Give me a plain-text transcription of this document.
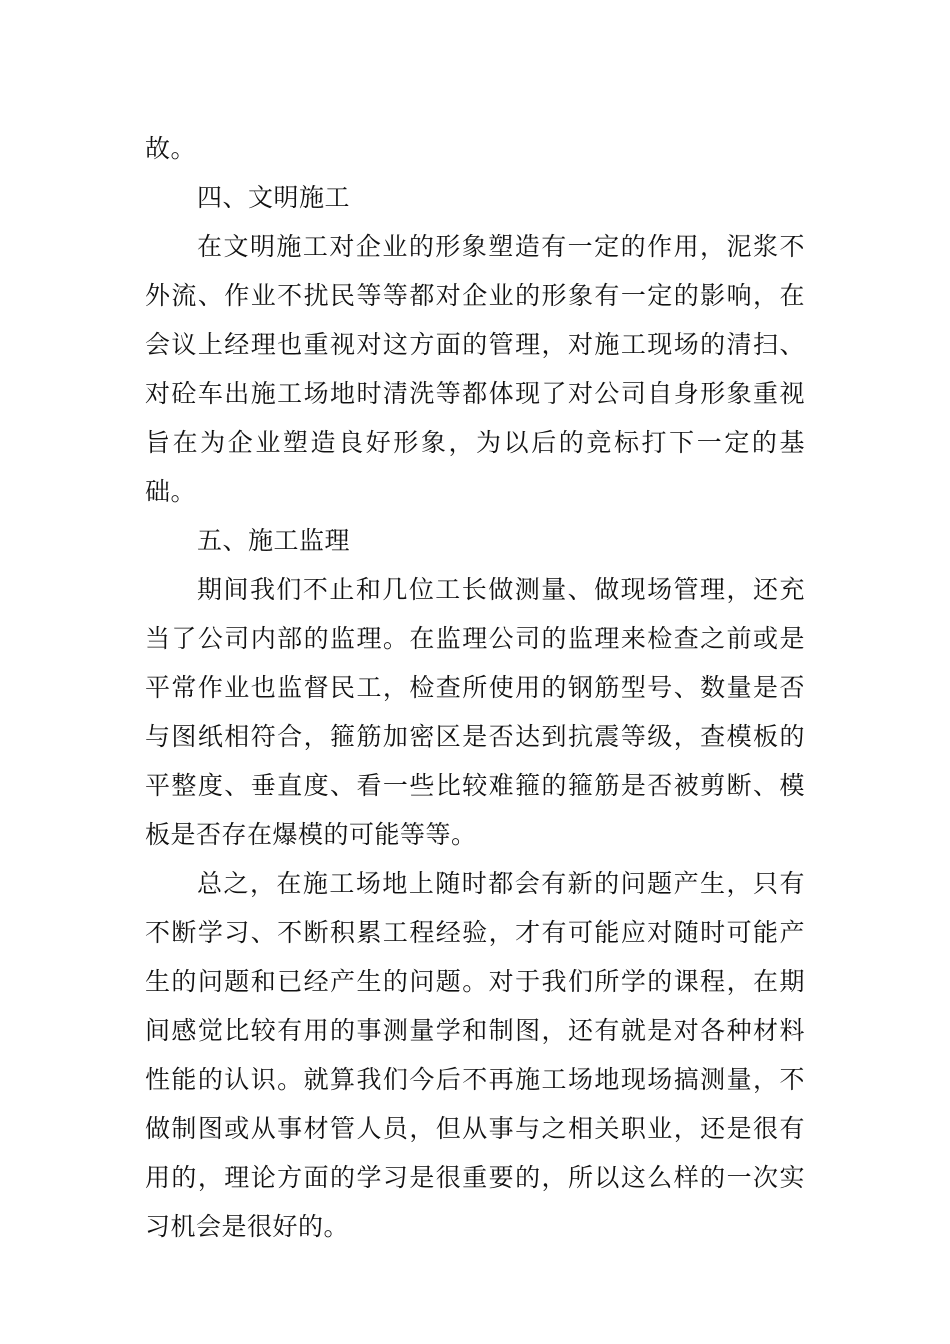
故。

四、文明施工

在文明施工对企业的形象塑造有一定的作用，泥浆不外流、作业不扰民等等都对企业的形象有一定的影响，在会议上经理也重视对这方面的管理，对施工现场的清扫、对砼车出施工场地时清洗等都体现了对公司自身形象重视旨在为企业塑造良好形象，为以后的竞标打下一定的基础。

五、施工监理

期间我们不止和几位工长做测量、做现场管理，还充当了公司内部的监理。在监理公司的监理来检查之前或是平常作业也监督民工，检查所使用的钢筋型号、数量是否与图纸相符合，箍筋加密区是否达到抗震等级，查模板的平整度、垂直度、看一些比较难箍的箍筋是否被剪断、模板是否存在爆模的可能等等。

总之，在施工场地上随时都会有新的问题产生，只有不断学习、不断积累工程经验，才有可能应对随时可能产生的问题和已经产生的问题。对于我们所学的课程，在期间感觉比较有用的事测量学和制图，还有就是对各种材料性能的认识。就算我们今后不再施工场地现场搞测量，不做制图或从事材管人员，但从事与之相关职业，还是很有用的，理论方面的学习是很重要的，所以这么样的一次实习机会是很好的。
